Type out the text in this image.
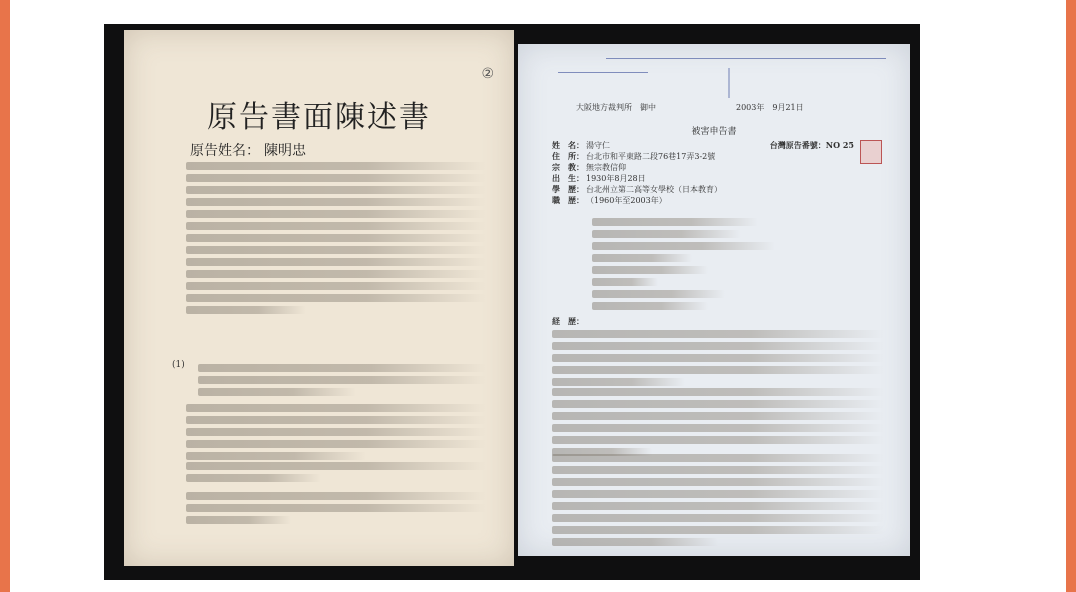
②
原告書面陳述書
原告姓名： 陳明忠
(1)
大阪地方裁判所　御中	2003年　9月21日
被害申告書
台灣原告番號：NO 25
姓　名： 湯守仁
住　所： 台北市和平東路二段76巷17弄3-2號
宗　教： 無宗教信仰
出　生： 1930年8月28日
學　歷： 台北州立第二高等女學校（日本教育）
職　歴： （1960年至2003年）
経　歴：
